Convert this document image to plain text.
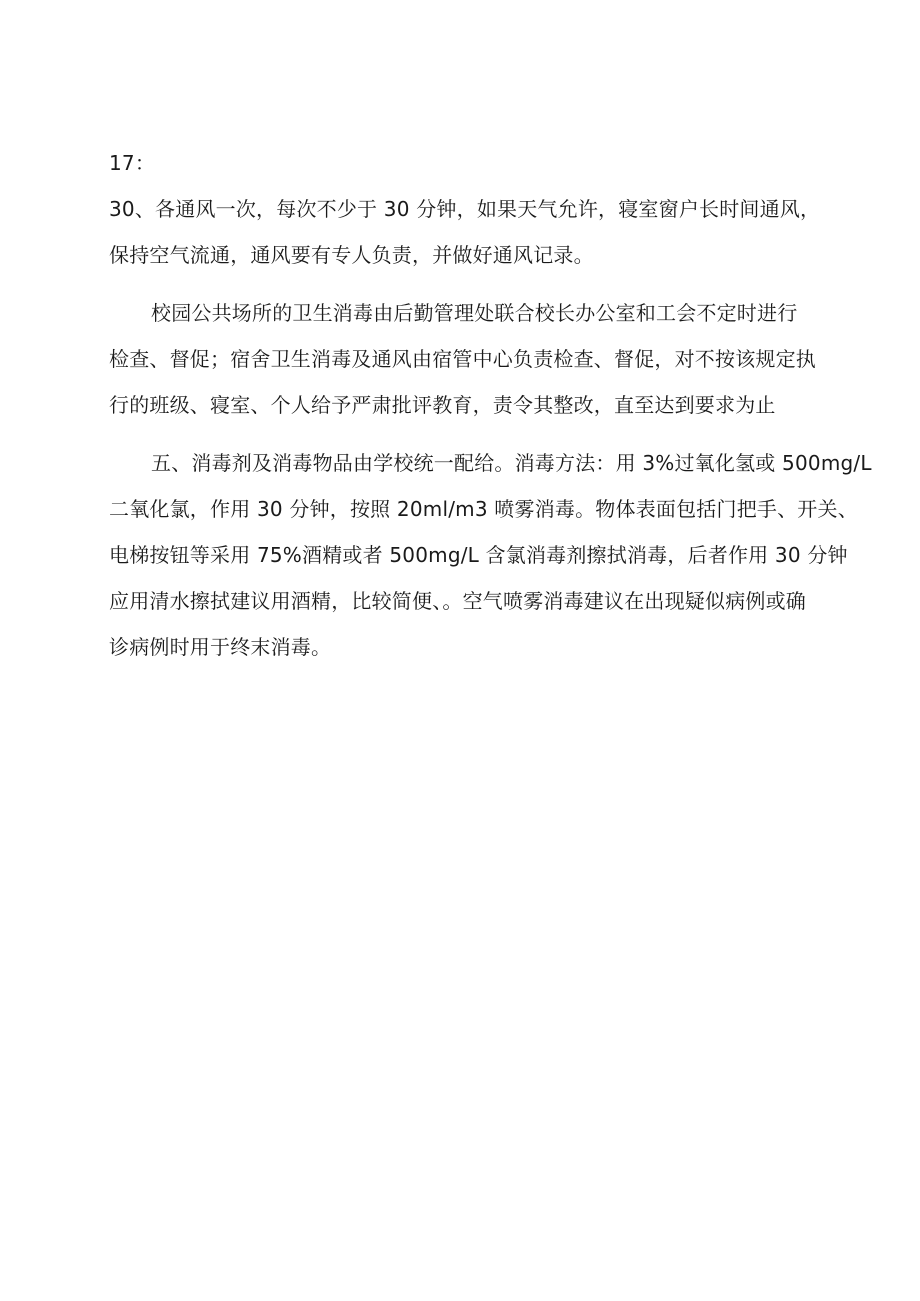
17：
30、各通风一次，每次不少于 30 分钟，如果天气允许，寝室窗户长时间通风，
保持空气流通，通风要有专人负责，并做好通风记录。
校园公共场所的卫生消毒由后勤管理处联合校长办公室和工会不定时进行
检查、督促；宿舍卫生消毒及通风由宿管中心负责检查、督促，对不按该规定执
行的班级、寝室、个人给予严肃批评教育，责令其整改，直至达到要求为止
五、消毒剂及消毒物品由学校统一配给。消毒方法：用 3%过氧化氢或 500mg/L
二氧化氯，作用 30 分钟，按照 20ml/m3 喷雾消毒。物体表面包括门把手、开关、
电梯按钮等采用 75%酒精或者 500mg/L 含氯消毒剂擦拭消毒，后者作用 30 分钟
应用清水擦拭建议用酒精，比较简便、。空气喷雾消毒建议在出现疑似病例或确
诊病例时用于终末消毒。
